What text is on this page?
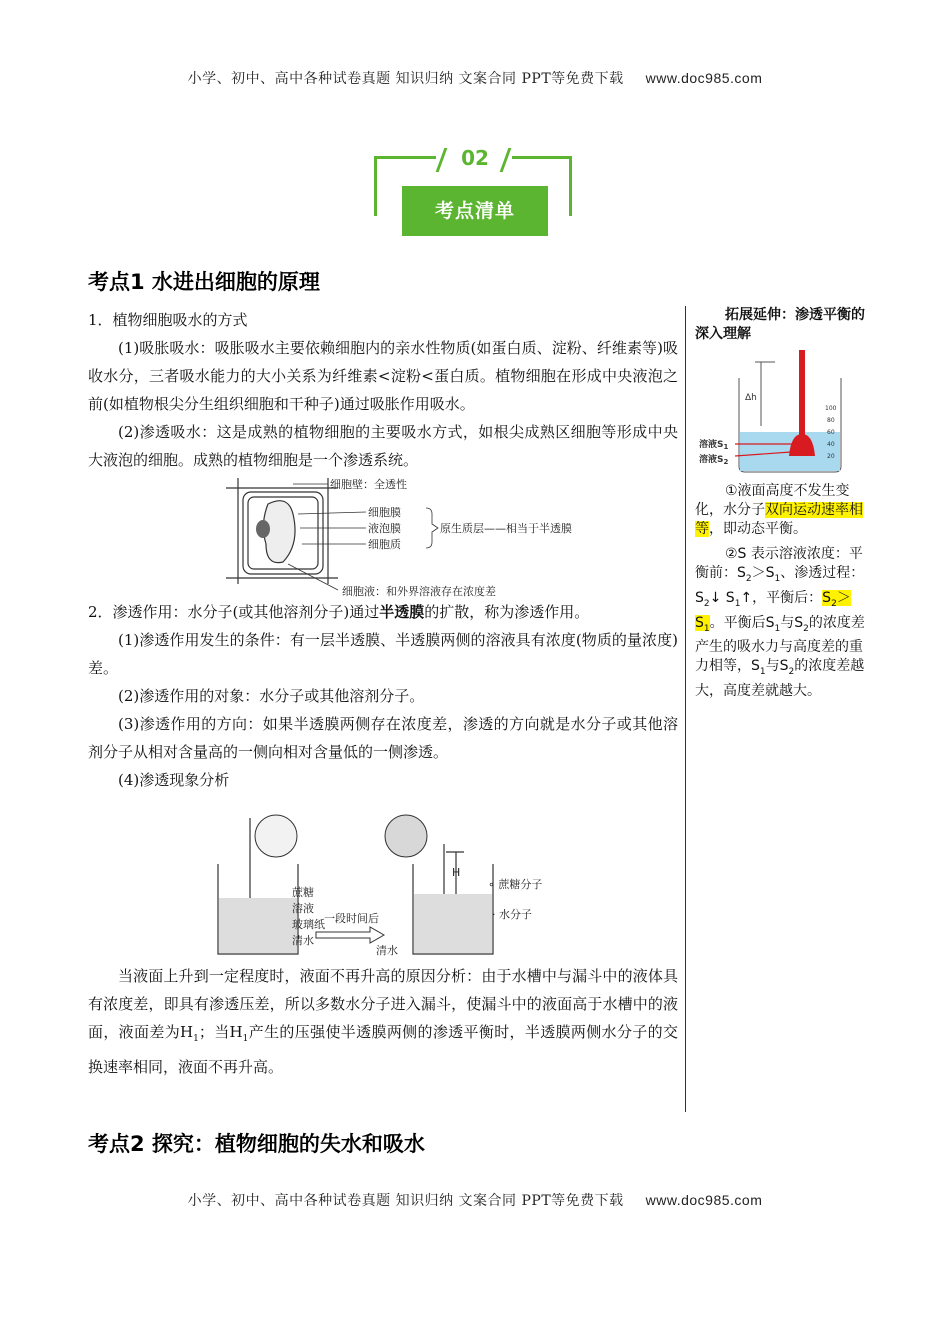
小学、初中、高中各种试卷真题 知识归纳 文案合同 PPT等免费下载 www.doc985.com
02
考点清单
考点1 水进出细胞的原理

1．植物细胞吸水的方式

(1)吸胀吸水：吸胀吸水主要依赖细胞内的亲水性物质(如蛋白质、淀粉、纤维素等)吸收水分，三者吸水能力的大小关系为纤维素<淀粉<蛋白质。植物细胞在形成中央液泡之前(如植物根尖分生组织细胞和干种子)通过吸胀作用吸水。

(2)渗透吸水：这是成熟的植物细胞的主要吸水方式，如根尖成熟区细胞等形成中央大液泡的细胞。成熟的植物细胞是一个渗透系统。

细胞壁：全透性
细胞膜
液泡膜
细胞质
原生质层——相当于半透膜
细胞液：和外界溶液存在浓度差

2．渗透作用：水分子(或其他溶剂分子)通过半透膜的扩散，称为渗透作用。

(1)渗透作用发生的条件：有一层半透膜、半透膜两侧的溶液具有浓度(物质的量浓度)差。

(2)渗透作用的对象：水分子或其他溶剂分子。

(3)渗透作用的方向：如果半透膜两侧存在浓度差，渗透的方向就是水分子或其他溶剂分子从相对含量高的一侧向相对含量低的一侧渗透。

(4)渗透现象分析

蔗糖
溶液
玻璃纸
清水
一段时间后
清水
H
∘ 蔗糖分子
· 水分子

当液面上升到一定程度时，液面不再升高的原因分析：由于水槽中与漏斗中的液体具有浓度差，即具有渗透压差，所以多数水分子进入漏斗，使漏斗中的液面高于水槽中的液面，液面差为$H_1$；当$H_1$产生的压强使半透膜两侧的渗透平衡时，半透膜两侧水分子的交换速率相同，液面不再升高。

拓展延伸：渗透平衡的深入理解

Δh
溶液$S_1$
溶液$S_2$
100
80
60
40
20

①液面高度不发生变化，水分子双向运动速率相等，即动态平衡。

②S 表示溶液浓度：平衡前：$S_2>S_1$、渗透过程：$S_2↓$ $S_1↑$，平衡后：$S_2>S_1$。平衡后$S_1$与$S_2$的浓度差产生的吸水力与高度差的重力相等，$S_1$与$S_2$的浓度差越大，高度差就越大。

考点2 探究：植物细胞的失水和吸水
小学、初中、高中各种试卷真题 知识归纳 文案合同 PPT等免费下载 www.doc985.com
